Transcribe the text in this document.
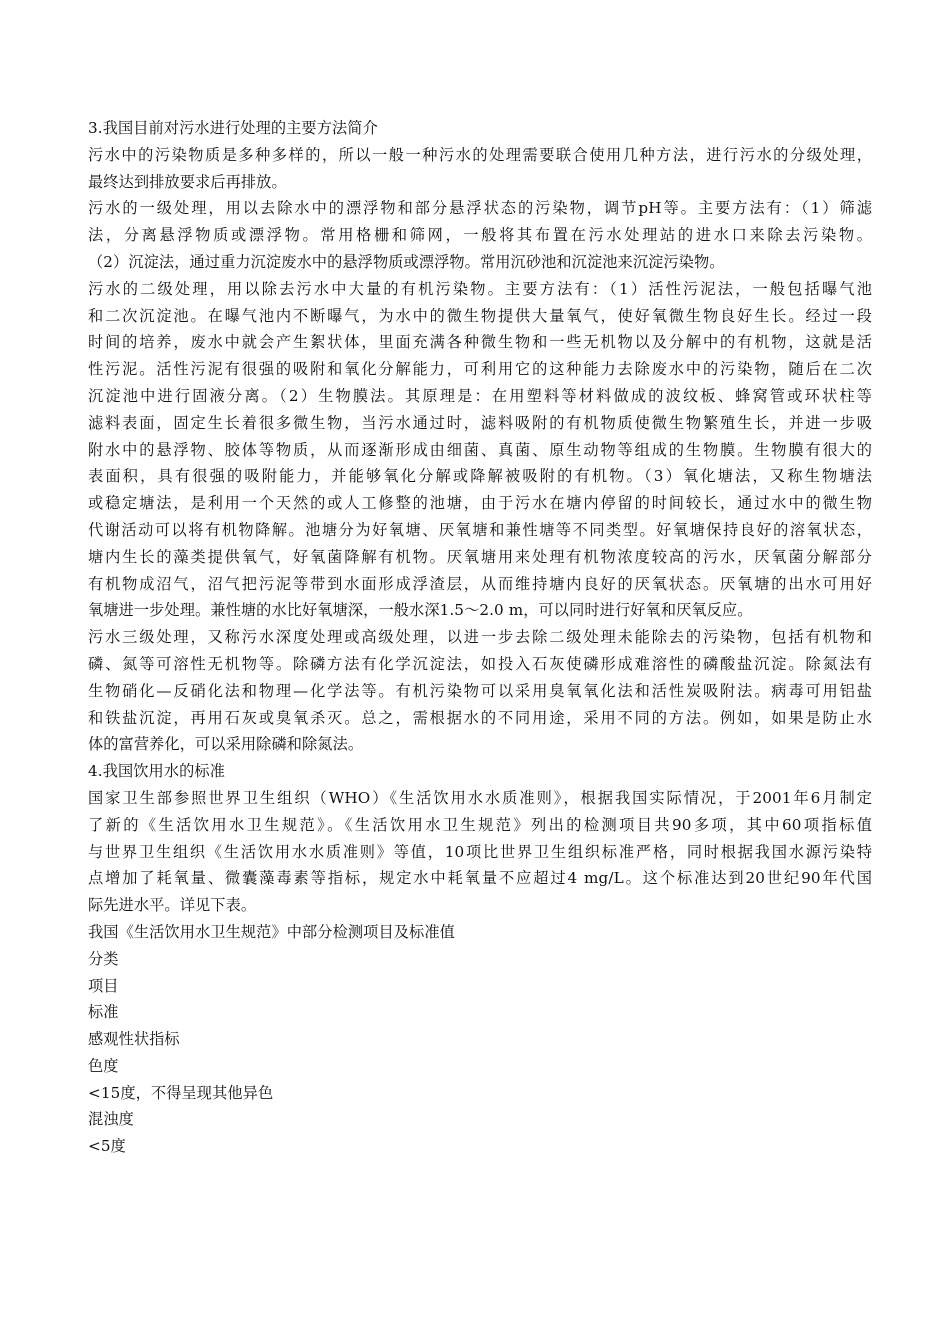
3.我国目前对污水进行处理的主要方法简介
污水中的污染物质是多种多样的，所以一般一种污水的处理需要联合使用几种方法，进行污水的分级处理，
最终达到排放要求后再排放。
污水的一级处理，用以去除水中的漂浮物和部分悬浮状态的污染物，调节pH等。主要方法有：（1）筛滤
法，分离悬浮物质或漂浮物。常用格栅和筛网，一般将其布置在污水处理站的进水口来除去污染物。
（2）沉淀法，通过重力沉淀废水中的悬浮物质或漂浮物。常用沉砂池和沉淀池来沉淀污染物。
污水的二级处理，用以除去污水中大量的有机污染物。主要方法有：（1）活性污泥法，一般包括曝气池
和二次沉淀池。在曝气池内不断曝气，为水中的微生物提供大量氧气，使好氧微生物良好生长。经过一段
时间的培养，废水中就会产生絮状体，里面充满各种微生物和一些无机物以及分解中的有机物，这就是活
性污泥。活性污泥有很强的吸附和氧化分解能力，可利用它的这种能力去除废水中的污染物，随后在二次
沉淀池中进行固液分离。（2）生物膜法。其原理是：在用塑料等材料做成的波纹板、蜂窝管或环状柱等
滤料表面，固定生长着很多微生物，当污水通过时，滤料吸附的有机物质使微生物繁殖生长，并进一步吸
附水中的悬浮物、胶体等物质，从而逐渐形成由细菌、真菌、原生动物等组成的生物膜。生物膜有很大的
表面积，具有很强的吸附能力，并能够氧化分解或降解被吸附的有机物。（3）氧化塘法，又称生物塘法
或稳定塘法，是利用一个天然的或人工修整的池塘，由于污水在塘内停留的时间较长，通过水中的微生物
代谢活动可以将有机物降解。池塘分为好氧塘、厌氧塘和兼性塘等不同类型。好氧塘保持良好的溶氧状态，
塘内生长的藻类提供氧气，好氧菌降解有机物。厌氧塘用来处理有机物浓度较高的污水，厌氧菌分解部分
有机物成沼气，沼气把污泥等带到水面形成浮渣层，从而维持塘内良好的厌氧状态。厌氧塘的出水可用好
氧塘进一步处理。兼性塘的水比好氧塘深，一般水深1.5～2.0 m，可以同时进行好氧和厌氧反应。
污水三级处理，又称污水深度处理或高级处理，以进一步去除二级处理未能除去的污染物，包括有机物和
磷、氮等可溶性无机物等。除磷方法有化学沉淀法，如投入石灰使磷形成难溶性的磷酸盐沉淀。除氮法有
生物硝化—反硝化法和物理—化学法等。有机污染物可以采用臭氧氧化法和活性炭吸附法。病毒可用铝盐
和铁盐沉淀，再用石灰或臭氧杀灭。总之，需根据水的不同用途，采用不同的方法。例如，如果是防止水
体的富营养化，可以采用除磷和除氮法。
4.我国饮用水的标准
国家卫生部参照世界卫生组织（WHO）《生活饮用水水质准则》，根据我国实际情况，于2001年6月制定
了新的《生活饮用水卫生规范》。《生活饮用水卫生规范》列出的检测项目共90多项，其中60项指标值
与世界卫生组织《生活饮用水水质准则》等值，10项比世界卫生组织标准严格，同时根据我国水源污染特
点增加了耗氧量、微囊藻毒素等指标，规定水中耗氧量不应超过4 mg/L。这个标准达到20世纪90年代国
际先进水平。详见下表。
我国《生活饮用水卫生规范》中部分检测项目及标准值
分类
项目
标准
感观性状指标
色度
<15度，不得呈现其他异色
混浊度
<5度
